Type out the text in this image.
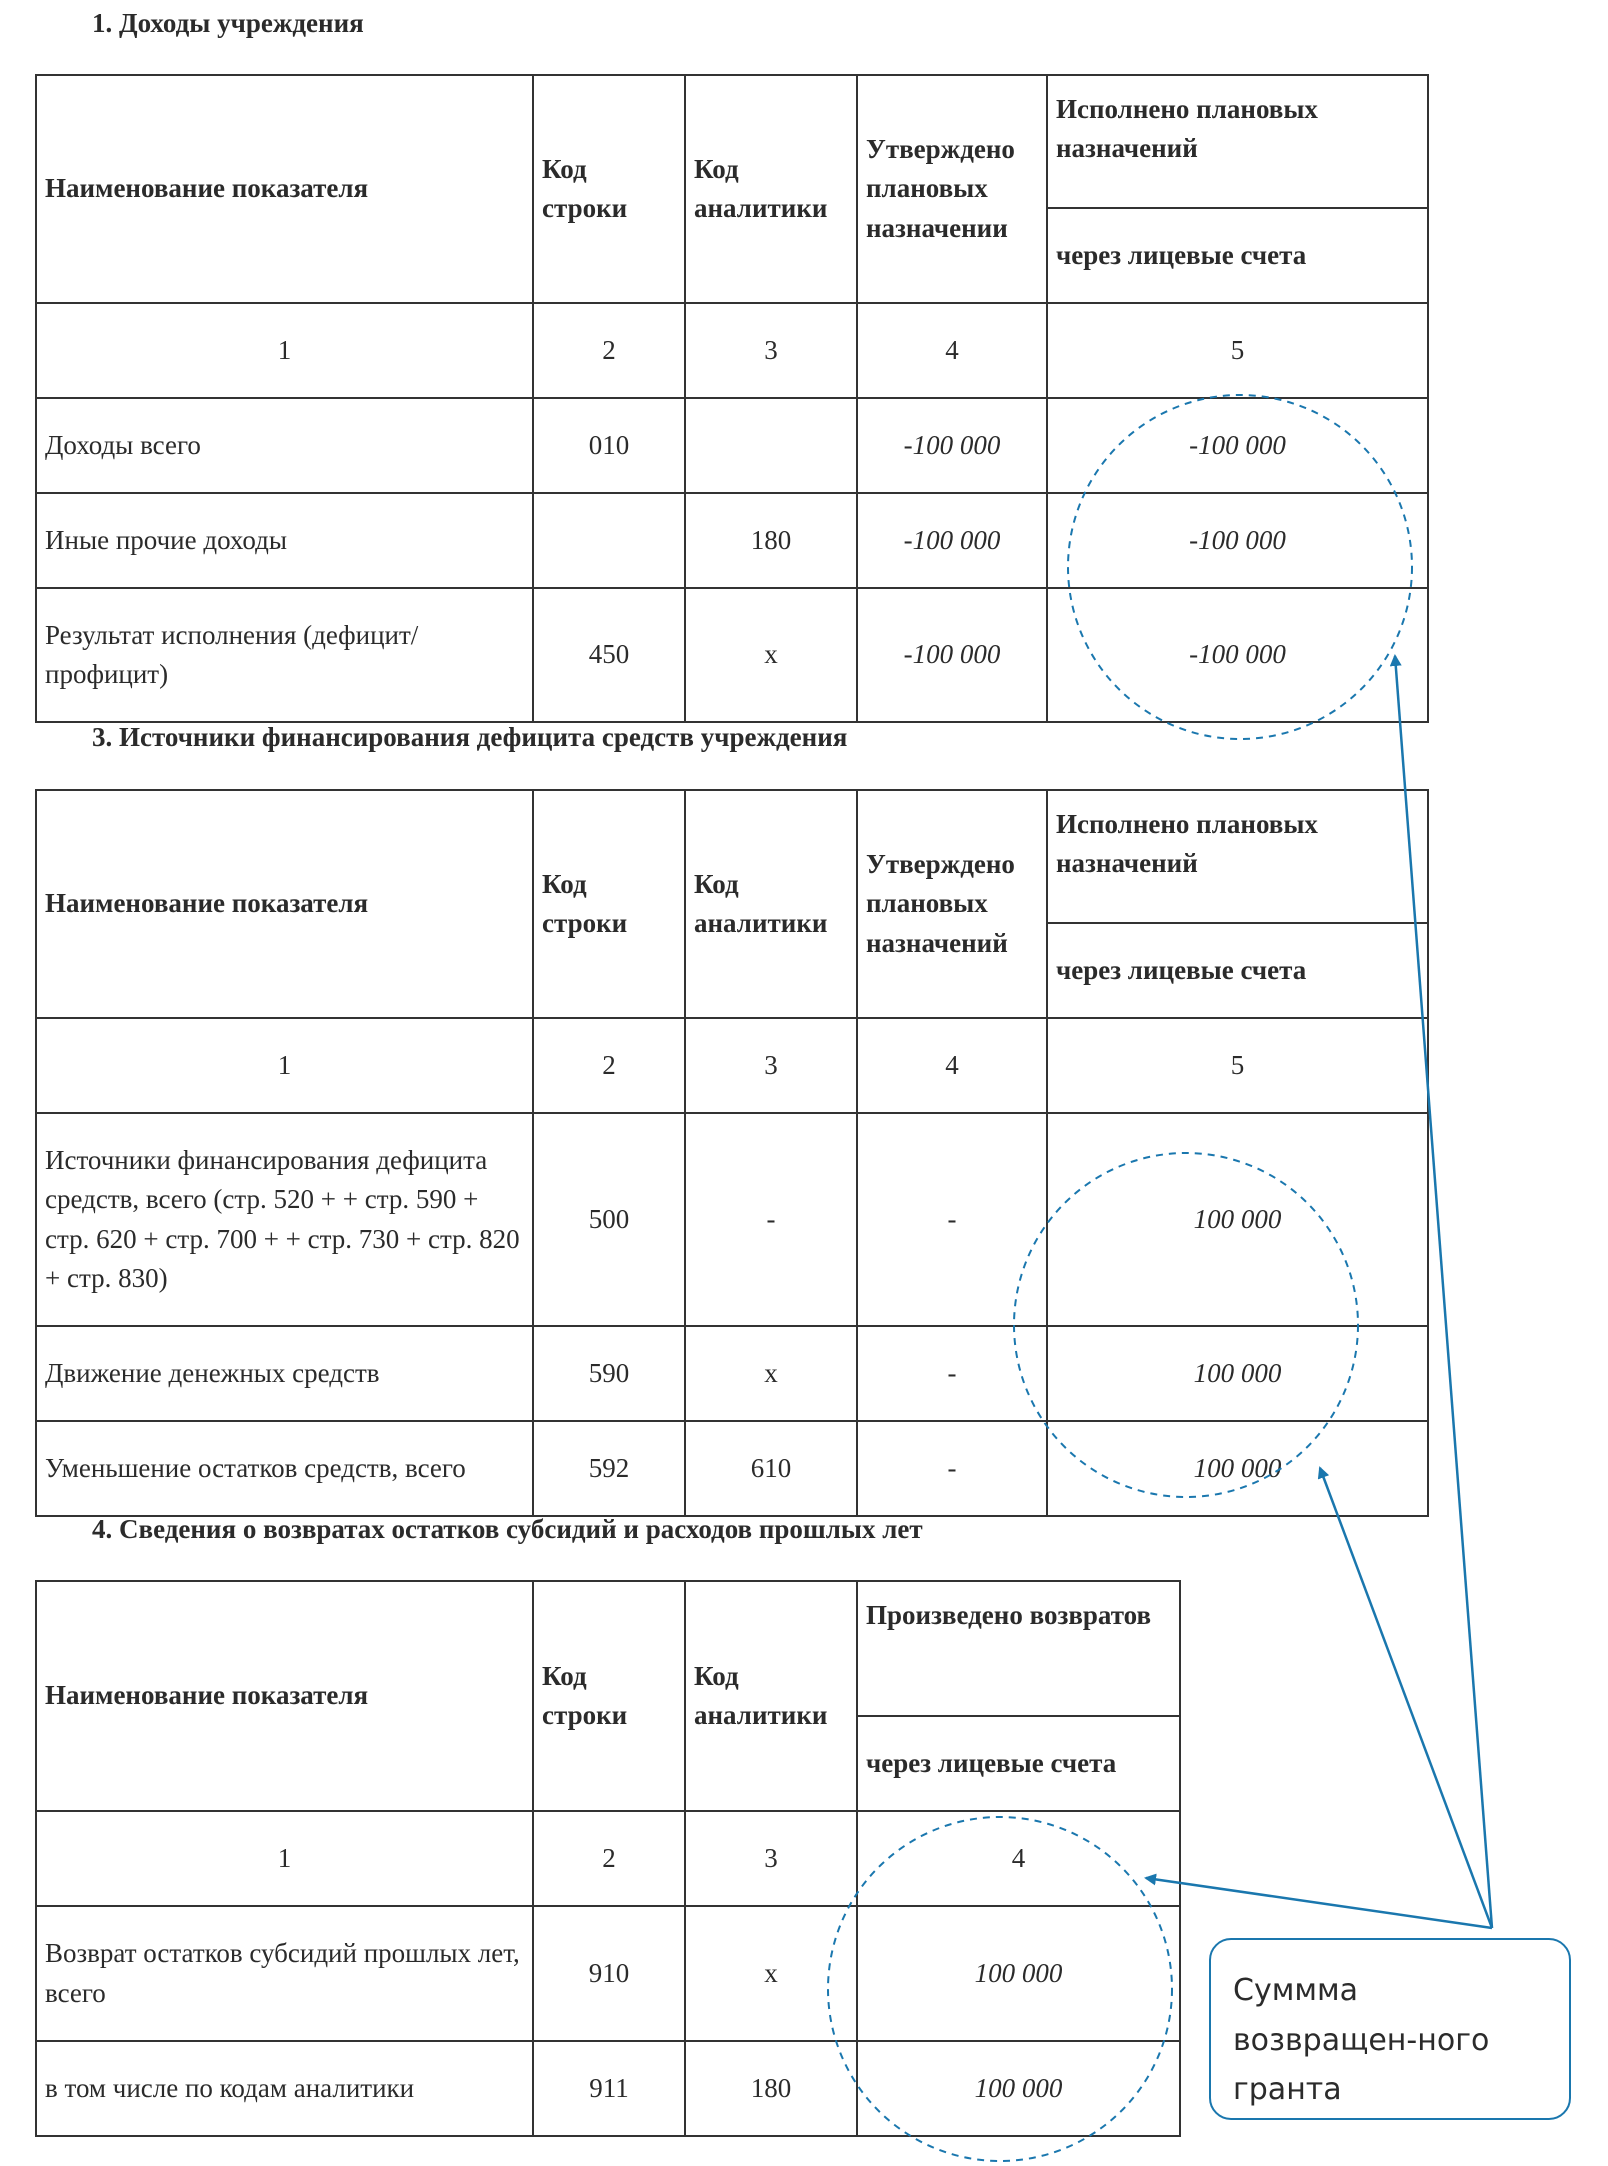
1. Доходы учреждения
Наименование показателя	Код строки	Код аналитики	Утверждено плановых назначении	Исполнено плановых назначений
				через лицевые счета
1	2	3	4	5
Доходы всего	010		-100 000	-100 000
Иные прочие доходы		180	-100 000	-100 000
Результат исполнения (дефицит/ профицит)	450	х	-100 000	-100 000
3. Источники финансирования дефицита средств учреждения
Наименование показателя	Код строки	Код аналитики	Утверждено плановых назначений	Исполнено плановых назначений
				через лицевые счета
1	2	3	4	5
Источники финансирования дефицита средств, всего (стр. 520 + + стр. 590 + стр. 620 + стр. 700 + + стр. 730 + стр. 820 + стр. 830)	500	-	-	100 000
Движение денежных средств	590	х	-	100 000
Уменьшение остатков средств, всего	592	610	-	100 000
4. Сведения о возвратах остатков субсидий и расходов прошлых лет
Наименование показателя	Код строки	Код аналитики	Произведено возвратов
			через лицевые счета
1	2	3	4
Возврат остатков субсидий прошлых лет, всего	910	х	100 000
в том числе по кодам аналитики	911	180	100 000
Сумммa возвращен-ного гранта
